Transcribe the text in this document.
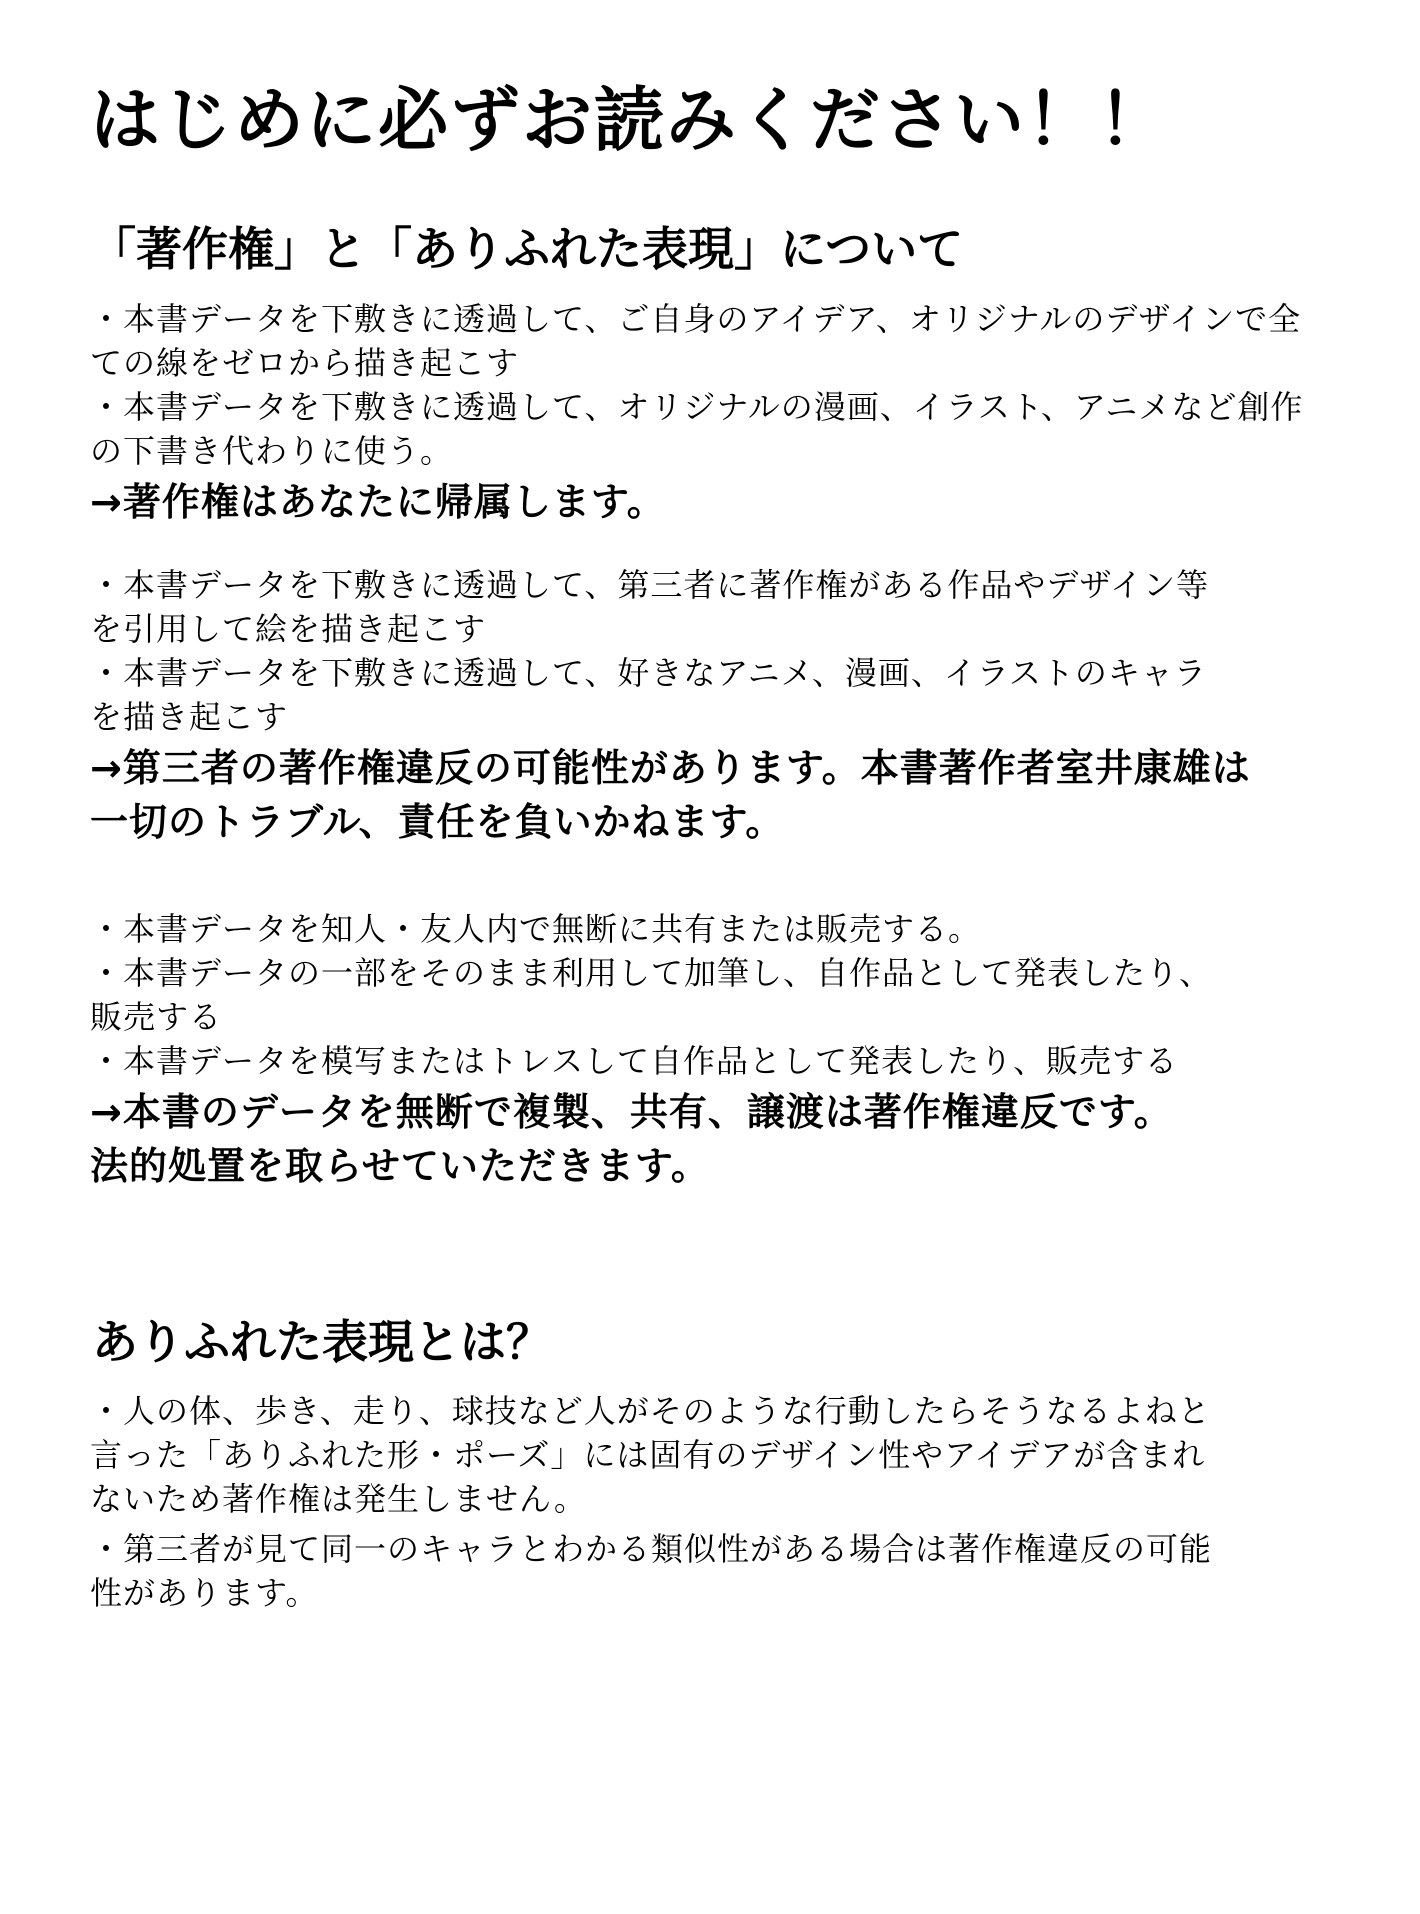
はじめに必ずお読みください！！
「著作権」と「ありふれた表現」について

・本書データを下敷きに透過して、ご自身のアイデア、オリジナルのデザインで全
ての線をゼロから描き起こす

・本書データを下敷きに透過して、オリジナルの漫画、イラスト、アニメなど創作
の下書き代わりに使う。

→著作権はあなたに帰属します。

・本書データを下敷きに透過して、第三者に著作権がある作品やデザイン等
を引用して絵を描き起こす

・本書データを下敷きに透過して、好きなアニメ、漫画、イラストのキャラ
を描き起こす

→第三者の著作権違反の可能性があります。本書著作者室井康雄は
一切のトラブル、責任を負いかねます。

・本書データを知人・友人内で無断に共有または販売する。

・本書データの一部をそのまま利用して加筆し、自作品として発表したり、
販売する

・本書データを模写またはトレスして自作品として発表したり、販売する

→本書のデータを無断で複製、共有、譲渡は著作権違反です。
法的処置を取らせていただきます。

ありふれた表現とは？

・人の体、歩き、走り、球技など人がそのような行動したらそうなるよねと
言った「ありふれた形・ポーズ」には固有のデザイン性やアイデアが含まれ
ないため著作権は発生しません。

・第三者が見て同一のキャラとわかる類似性がある場合は著作権違反の可能
性があります。
